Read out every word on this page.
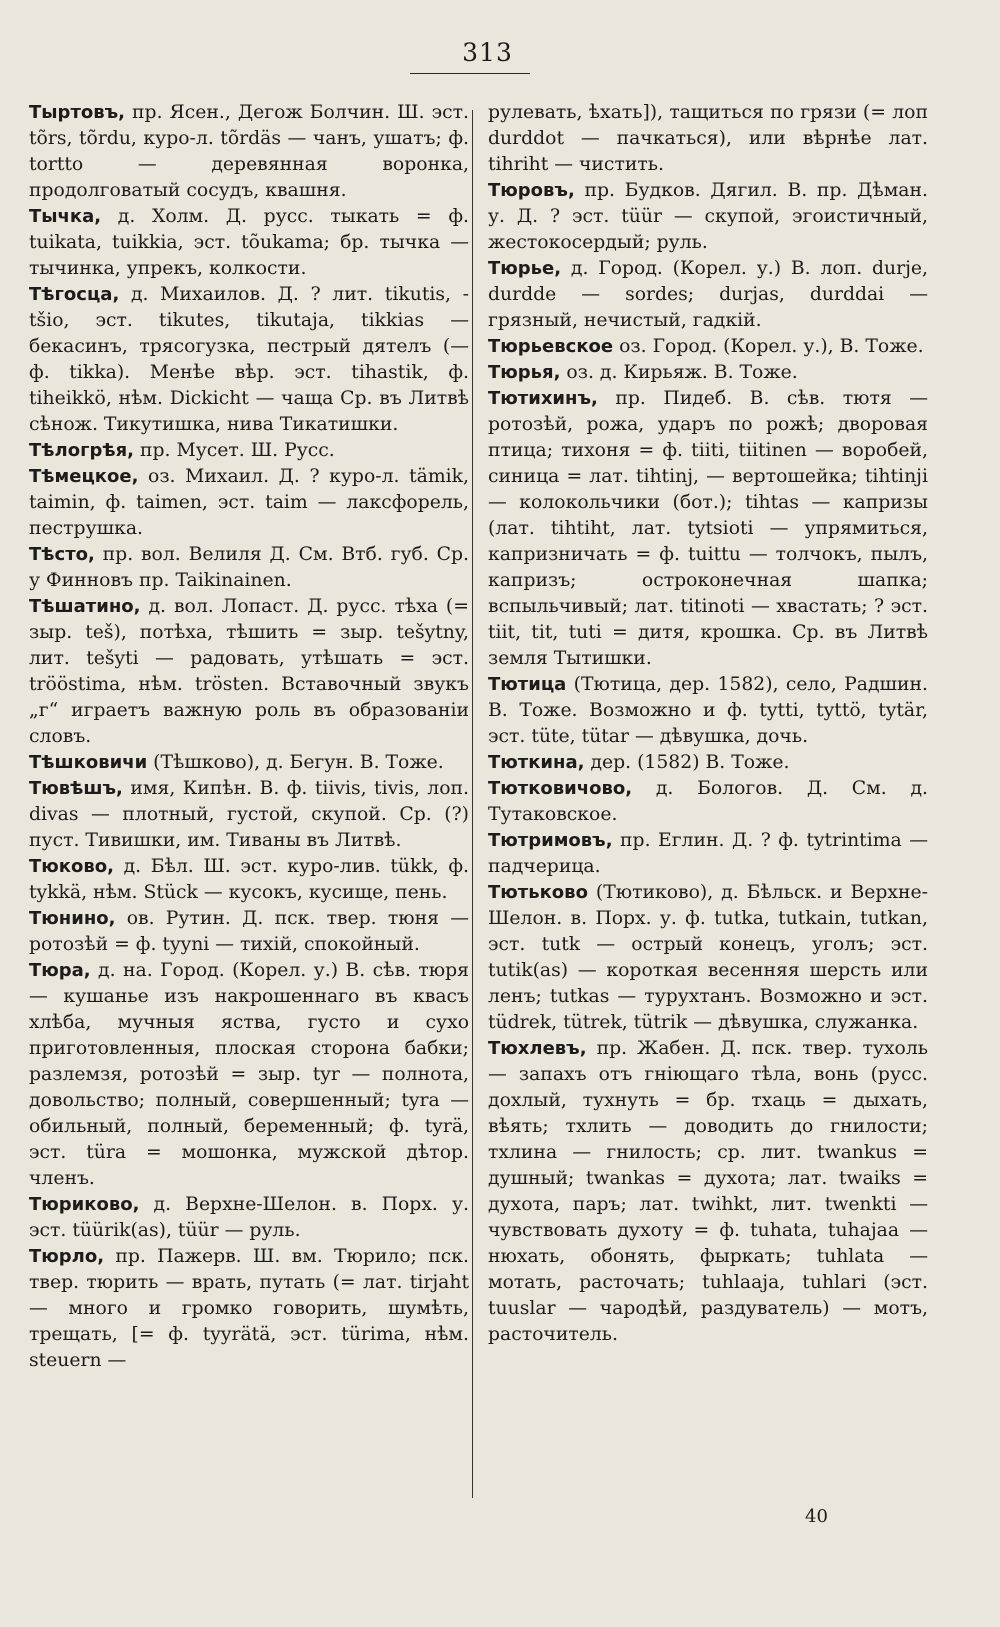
313

Тыртовъ, пр. Ясен., Дегож Болчин. Ш. эст. tõrs, tõrdu, куро-л. tõrdäs — чанъ, ушатъ; ф. tortto — деревянная воронка, продолговатый сосудъ, квашня.

Тычка, д. Холм. Д. русс. тыкать = ф. tuikata, tuikkia, эст. tõukama; бр. тычка — тычинка, упрекъ, колкости.

Тѣгосца, д. Михаилов. Д. ? лит. tikutis, -tšio, эст. tikutes, tikutaja, tikkias — бекасинъ, трясогузка, пестрый дятелъ (— ф. tikka). Менѣе вѣр. эст. tihastik, ф. tiheikkö, нѣм. Dickicht — чаща Ср. въ Литвѣ сѣнож. Тикутишка, нива Тикатишки.

Тѣлогрѣя, пр. Мусет. Ш. Русс.

Тѣмецкое, оз. Михаил. Д. ? куро-л. tämik, taimin, ф. taimen, эст. taim — лаксфорель, пеструшка.

Тѣсто, пр. вол. Велиля Д. См. Втб. губ. Ср. у Финновъ пр. Taikinainen.

Тѣшатино, д. вол. Лопаст. Д. русс. тѣха (= зыр. teš), потѣха, тѣшить = зыр. tešytny, лит. tešyti — радовать, утѣшать = эст. trööstima, нѣм. trösten. Вставочный звукъ „г“ играетъ важную роль въ образованіи словъ.

Тѣшковичи (Тѣшково), д. Бегун. В. Тоже.

Тювѣшъ, имя, Кипѣн. В. ф. tiivis, tivis, лоп. divas — плотный, густой, скупой. Ср. (?) пуст. Тивишки, им. Тиваны въ Литвѣ.

Тюково, д. Бѣл. Ш. эст. куро-лив. tükk, ф. tykkä, нѣм. Stück — кусокъ, кусище, пень.

Тюнино, ов. Рутин. Д. пск. твер. тюня — ротозѣй = ф. tyyni — тихій, спокойный.

Тюра, д. на. Город. (Корел. у.) В. сѣв. тюря — кушанье изъ накрошеннаго въ квасъ хлѣба, мучныя яства, густо и сухо приготовленныя, плоская сторона бабки; разлемзя, ротозѣй = зыр. tyr — полнота, довольство; полный, совершенный; tyra — обильный, полный, беременный; ф. tyrä, эст. türa = мошонка, мужской дѣтор. членъ.

Тюриково, д. Верхне-Шелон. в. Порх. у. эст. tüürik(as), tüür — руль.

Тюрло, пр. Пажерв. Ш. вм. Тюрило; пск. твер. тюрить — врать, путать (= лат. tirjaht — много и громко говорить, шумѣть, трещать, [= ф. tyyrätä, эст. türima, нѣм. steuern —

рулевать, ѣхать]), тащиться по грязи (= лоп durddot — пачкаться), или вѣрнѣе лат. tihriht — чистить.

Тюровъ, пр. Будков. Дягил. В. пр. Дѣман. у. Д. ? эст. tüür — скупой, эгоистичный, жестокосердый; руль.

Тюрье, д. Город. (Корел. у.) В. лоп. durje, durdde — sordes; durjas, durddai — грязный, нечистый, гадкій.

Тюрьевское оз. Город. (Корел. у.), В. Тоже.

Тюрья, оз. д. Кирьяж. В. Тоже.

Тютихинъ, пр. Пидеб. В. сѣв. тютя — ротозѣй, рожа, ударъ по рожѣ; дворовая птица; тихоня = ф. tiiti, tiitinen — воробей, синица = лат. tihtinj, — вертошейка; tihtinji — колокольчики (бот.); tihtas — капризы (лат. tihtiht, лат. tytsioti — упрямиться, капризничать = ф. tuittu — толчокъ, пылъ, капризъ; остроконечная шапка; вспыльчивый; лат. titinoti — хвастать; ? эст. tiit, tit, tuti = дитя, крошка. Ср. въ Литвѣ земля Тытишки.

Тютица (Тютица, дер. 1582), село, Радшин. В. Тоже. Возможно и ф. tytti, tyttö, tytär, эст. tüte, tütar — дѣвушка, дочь.

Тюткина, дер. (1582) В. Тоже.

Тютковичово, д. Бологов. Д. См. д. Тутаковское.

Тютримовъ, пр. Еглин. Д. ? ф. tytrintima — падчерица.

Тютьково (Тютиково), д. Бѣльск. и Верхне-Шелон. в. Порх. у. ф. tutka, tutkain, tutkan, эст. tutk — острый конецъ, уголъ; эст. tutik(as) — короткая весенняя шерсть или ленъ; tutkas — турухтанъ. Возможно и эст. tüdrek, tütrek, tütrik — дѣвушка, служанка.

Тюхлевъ, пр. Жабен. Д. пск. твер. тухоль — запахъ отъ гніющаго тѣла, вонь (русс. дохлый, тухнуть = бр. тхаць = дыхать, вѣять; тхлить — доводить до гнилости; тхлина — гнилость; ср. лит. twankus = душный; twankas = духота; лат. twaiks = духота, паръ; лат. twihkt, лит. twenkti — чувствовать духоту = ф. tuhata, tuhajaa — нюхать, обонять, фыркать; tuhlata — мотать, расточать; tuhlaaja, tuhlari (эст. tuuslar — чародѣй, раздуватель) — мотъ, расточитель.

40
